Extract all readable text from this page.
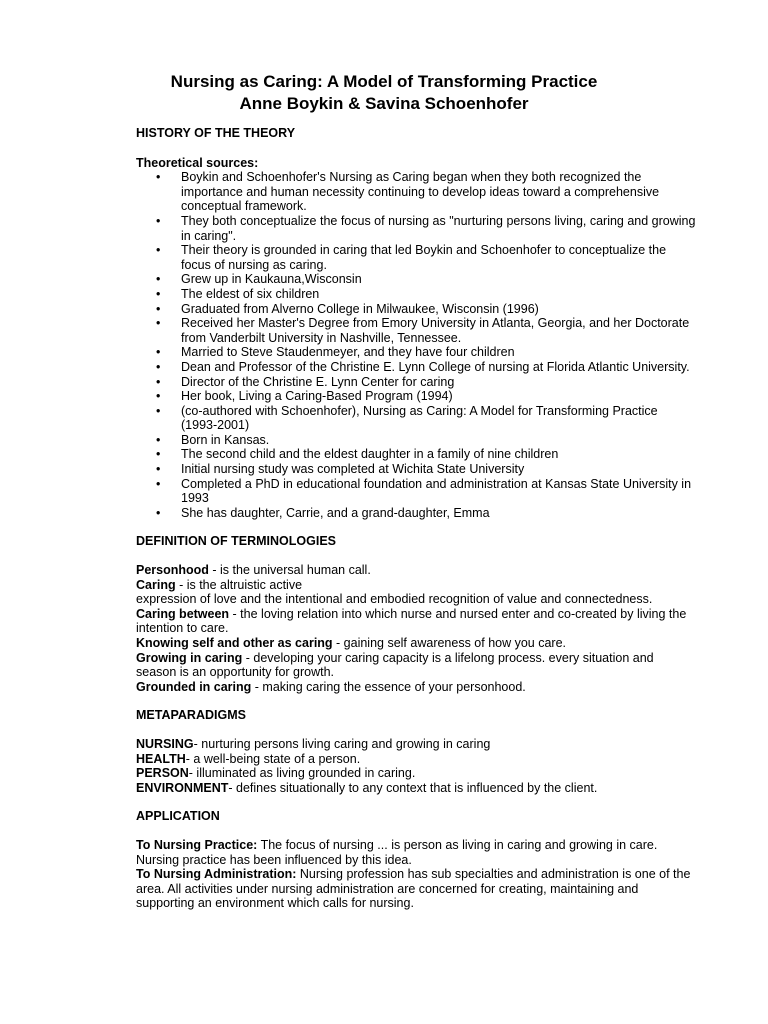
Nursing as Caring: A Model of Transforming Practice
Anne Boykin & Savina Schoenhofer
HISTORY OF THE THEORY
Theoretical sources:
• Boykin and Schoenhofer's Nursing as Caring began when they both recognized the importance and human necessity continuing to develop ideas toward a comprehensive conceptual framework.
• They both conceptualize the focus of nursing as "nurturing persons living, caring and growing in caring".
• Their theory is grounded in caring that led Boykin and Schoenhofer to conceptualize the focus of nursing as caring.
• Grew up in Kaukauna,Wisconsin
• The eldest of six children
• Graduated from Alverno College in Milwaukee, Wisconsin (1996)
• Received her Master's Degree from Emory University in Atlanta, Georgia, and her Doctorate from Vanderbilt University in Nashville, Tennessee.
• Married to Steve Staudenmeyer, and they have four children
• Dean and Professor of the Christine E. Lynn College of nursing at Florida Atlantic University.
• Director of the Christine E. Lynn Center for caring
• Her book, Living a Caring-Based Program (1994)
• (co-authored with Schoenhofer), Nursing as Caring: A Model for Transforming Practice (1993-2001)
• Born in Kansas.
• The second child and the eldest daughter in a family of nine children
• Initial nursing study was completed at Wichita State University
• Completed a PhD in educational foundation and administration at Kansas State University in 1993
• She has daughter, Carrie, and a grand-daughter, Emma
DEFINITION OF TERMINOLOGIES

Personhood - is the universal human call.

Caring - is the altruistic active

expression of love and the intentional and embodied recognition of value and connectedness.

Caring between - the loving relation into which nurse and nursed enter and co-created by living the intention to care.

Knowing self and other as caring - gaining self awareness of how you care.

Growing in caring - developing your caring capacity is a lifelong process. every situation and season is an opportunity for growth.

Grounded in caring - making caring the essence of your personhood.

METAPARADIGMS

NURSING- nurturing persons living caring and growing in caring

HEALTH- a well-being state of a person.

PERSON- illuminated as living grounded in caring.

ENVIRONMENT- defines situationally to any context that is influenced by the client.

APPLICATION

To Nursing Practice: The focus of nursing ... is person as living in caring and growing in care. Nursing practice has been influenced by this idea.

To Nursing Administration: Nursing profession has sub specialties and administration is one of the area. All activities under nursing administration are concerned for creating, maintaining and supporting an environment which calls for nursing.
